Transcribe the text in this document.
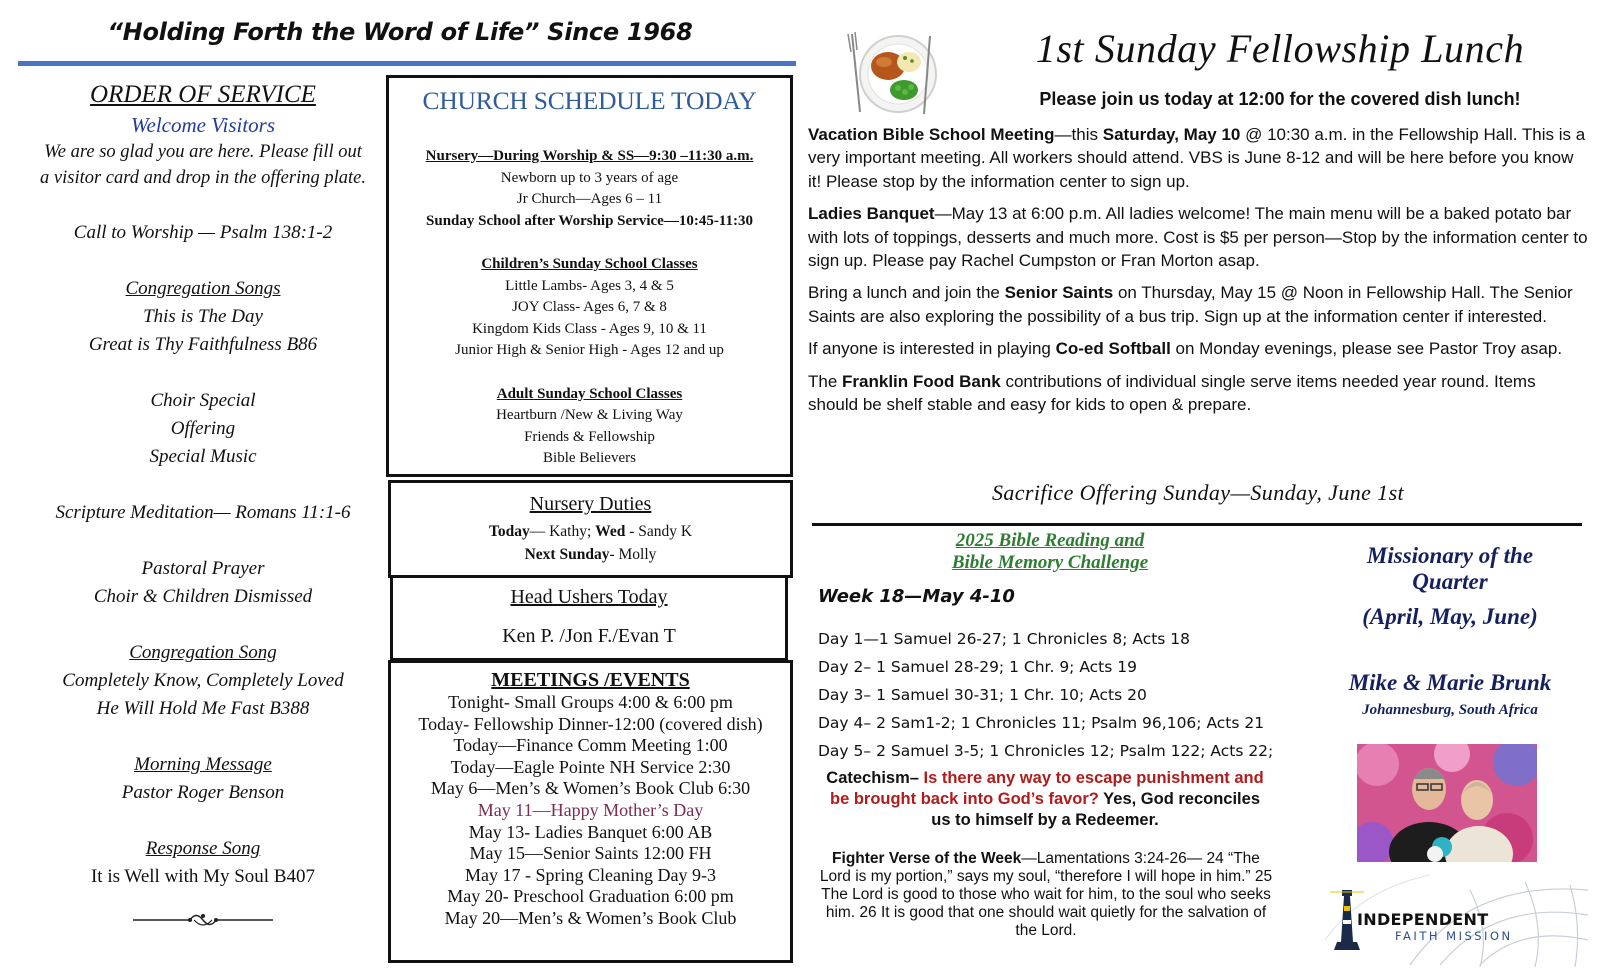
“Holding Forth the Word of Life” Since 1968
ORDER OF SERVICE
Welcome Visitors
We are so glad you are here. Please fill out
a visitor card and drop in the offering plate.
Call to Worship — Psalm 138:1-2
Congregation Songs
This is The Day
Great is Thy Faithfulness B86
Choir Special
Offering
Special Music
Scripture Meditation— Romans 11:1-6
Pastoral Prayer
Choir & Children Dismissed
Congregation Song
Completely Know, Completely Loved
He Will Hold Me Fast B388
Morning Message
Pastor Roger Benson
Response Song
It is Well with My Soul B407
CHURCH SCHEDULE TODAY
Nursery—During Worship & SS—9:30 –11:30 a.m.
Newborn up to 3 years of age
Jr Church—Ages 6 – 11
Sunday School after Worship Service—10:45-11:30
Children’s Sunday School Classes
Little Lambs- Ages 3, 4 & 5
JOY Class- Ages 6, 7 & 8
Kingdom Kids Class - Ages 9, 10 & 11
Junior High & Senior High - Ages 12 and up
Adult Sunday School Classes
Heartburn /New & Living Way
Friends & Fellowship
Bible Believers
Nursery Duties
Today— Kathy; Wed - Sandy K
Next Sunday- Molly
Head Ushers Today
Ken P. /Jon F./Evan T
MEETINGS /EVENTS
Tonight- Small Groups 4:00 & 6:00 pm
Today- Fellowship Dinner-12:00 (covered dish)
Today—Finance Comm Meeting 1:00
Today—Eagle Pointe NH Service 2:30
May 6—Men’s & Women’s Book Club 6:30
May 11—Happy Mother’s Day
May 13- Ladies Banquet 6:00 AB
May 15—Senior Saints 12:00 FH
May 17 - Spring Cleaning Day 9-3
May 20- Preschool Graduation 6:00 pm
May 20—Men’s & Women’s Book Club
1st Sunday Fellowship Lunch
Please join us today at 12:00 for the covered dish lunch!

Vacation Bible School Meeting—this Saturday, May 10 @ 10:30 a.m. in the Fellowship Hall. This is a very important meeting. All workers should attend. VBS is June 8-12 and will be here before you know it! Please stop by the information center to sign up.

Ladies Banquet—May 13 at 6:00 p.m. All ladies welcome! The main menu will be a baked potato bar with lots of toppings, desserts and much more. Cost is $5 per person—Stop by the information center to sign up. Please pay Rachel Cumpston or Fran Morton asap.

Bring a lunch and join the Senior Saints on Thursday, May 15 @ Noon in Fellowship Hall. The Senior Saints are also exploring the possibility of a bus trip. Sign up at the information center if interested.

If anyone is interested in playing Co-ed Softball on Monday evenings, please see Pastor Troy asap.

The Franklin Food Bank contributions of individual single serve items needed year round. Items should be shelf stable and easy for kids to open & prepare.

Sacrifice Offering Sunday—Sunday, June 1st
2025 Bible Reading and
Bible Memory Challenge
Week 18—May 4-10
Day 1—1 Samuel 26-27; 1 Chronicles 8; Acts 18
Day 2– 1 Samuel 28-29; 1 Chr. 9; Acts 19
Day 3– 1 Samuel 30-31; 1 Chr. 10; Acts 20
Day 4– 2 Sam1-2; 1 Chronicles 11; Psalm 96,106; Acts 21
Day 5– 2 Samuel 3-5; 1 Chronicles 12; Psalm 122; Acts 22;
Catechism– Is there any way to escape punishment and be brought back into God’s favor? Yes, God reconciles us to himself by a Redeemer.
Fighter Verse of the Week—Lamentations 3:24-26— 24 “The Lord is my portion,” says my soul, “therefore I will hope in him.” 25 The Lord is good to those who wait for him, to the soul who seeks him. 26 It is good that one should wait quietly for the salvation of the Lord.
Missionary of the
Quarter
(April, May, June)
Mike & Marie Brunk
Johannesburg, South Africa
INDEPENDENT
FAITH MISSION
